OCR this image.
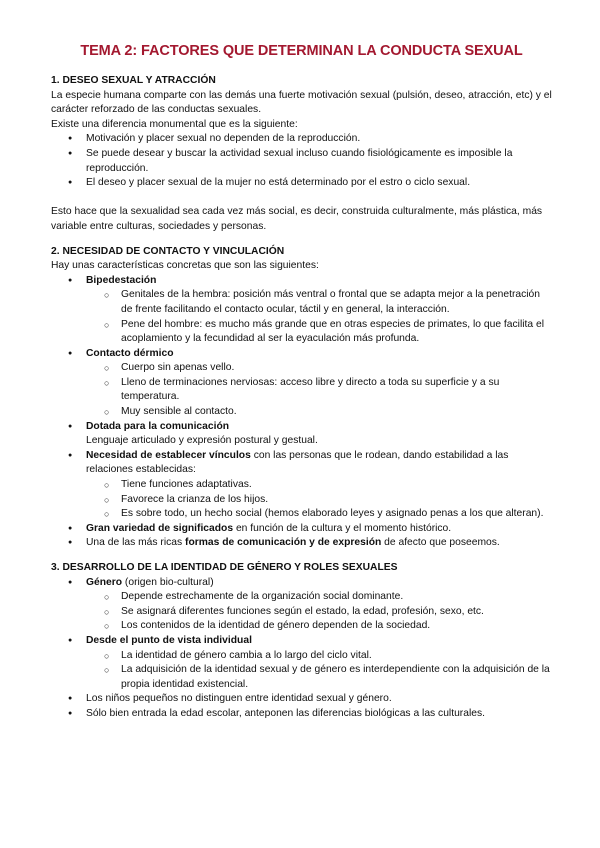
TEMA 2: FACTORES QUE DETERMINAN LA CONDUCTA SEXUAL
1. DESEO SEXUAL Y ATRACCIÓN
La especie humana comparte con las demás una fuerte motivación sexual (pulsión, deseo, atracción, etc) y el carácter reforzado de las conductas sexuales.
Existe una diferencia monumental que es la siguiente:
● Motivación y placer sexual no dependen de la reproducción.
● Se puede desear y buscar la actividad sexual incluso cuando fisiológicamente es imposible la reproducción.
● El deseo y placer sexual de la mujer no está determinado por el estro o ciclo sexual.
Esto hace que la sexualidad sea cada vez más social, es decir, construida culturalmente, más plástica, más variable entre culturas, sociedades y personas.
2. NECESIDAD DE CONTACTO Y VINCULACIÓN
Hay unas características concretas que son las siguientes:
● Bipedestación
○ Genitales de la hembra: posición más ventral o frontal que se adapta mejor a la penetración de frente facilitando el contacto ocular, táctil y en general, la interacción.
○ Pene del hombre: es mucho más grande que en otras especies de primates, lo que facilita el acoplamiento y la fecundidad al ser la eyaculación más profunda.
● Contacto dérmico
○ Cuerpo sin apenas vello.
○ Lleno de terminaciones nerviosas: acceso libre y directo a toda su superficie y a su temperatura.
○ Muy sensible al contacto.
● Dotada para la comunicación
Lenguaje articulado y expresión postural y gestual.
● Necesidad de establecer vínculos con las personas que le rodean, dando estabilidad a las relaciones establecidas:
○ Tiene funciones adaptativas.
○ Favorece la crianza de los hijos.
○ Es sobre todo, un hecho social (hemos elaborado leyes y asignado penas a los que alteran).
● Gran variedad de significados en función de la cultura y el momento histórico.
● Una de las más ricas formas de comunicación y de expresión de afecto que poseemos.
3. DESARROLLO DE LA IDENTIDAD DE GÉNERO Y ROLES SEXUALES
● Género (origen bio-cultural)
○ Depende estrechamente de la organización social dominante.
○ Se asignará diferentes funciones según el estado, la edad, profesión, sexo, etc.
○ Los contenidos de la identidad de género dependen de la sociedad.
● Desde el punto de vista individual
○ La identidad de género cambia a lo largo del ciclo vital.
○ La adquisición de la identidad sexual y de género es interdependiente con la adquisición de la propia identidad existencial.
● Los niños pequeños no distinguen entre identidad sexual y género.
● Sólo bien entrada la edad escolar, anteponen las diferencias biológicas a las culturales.
